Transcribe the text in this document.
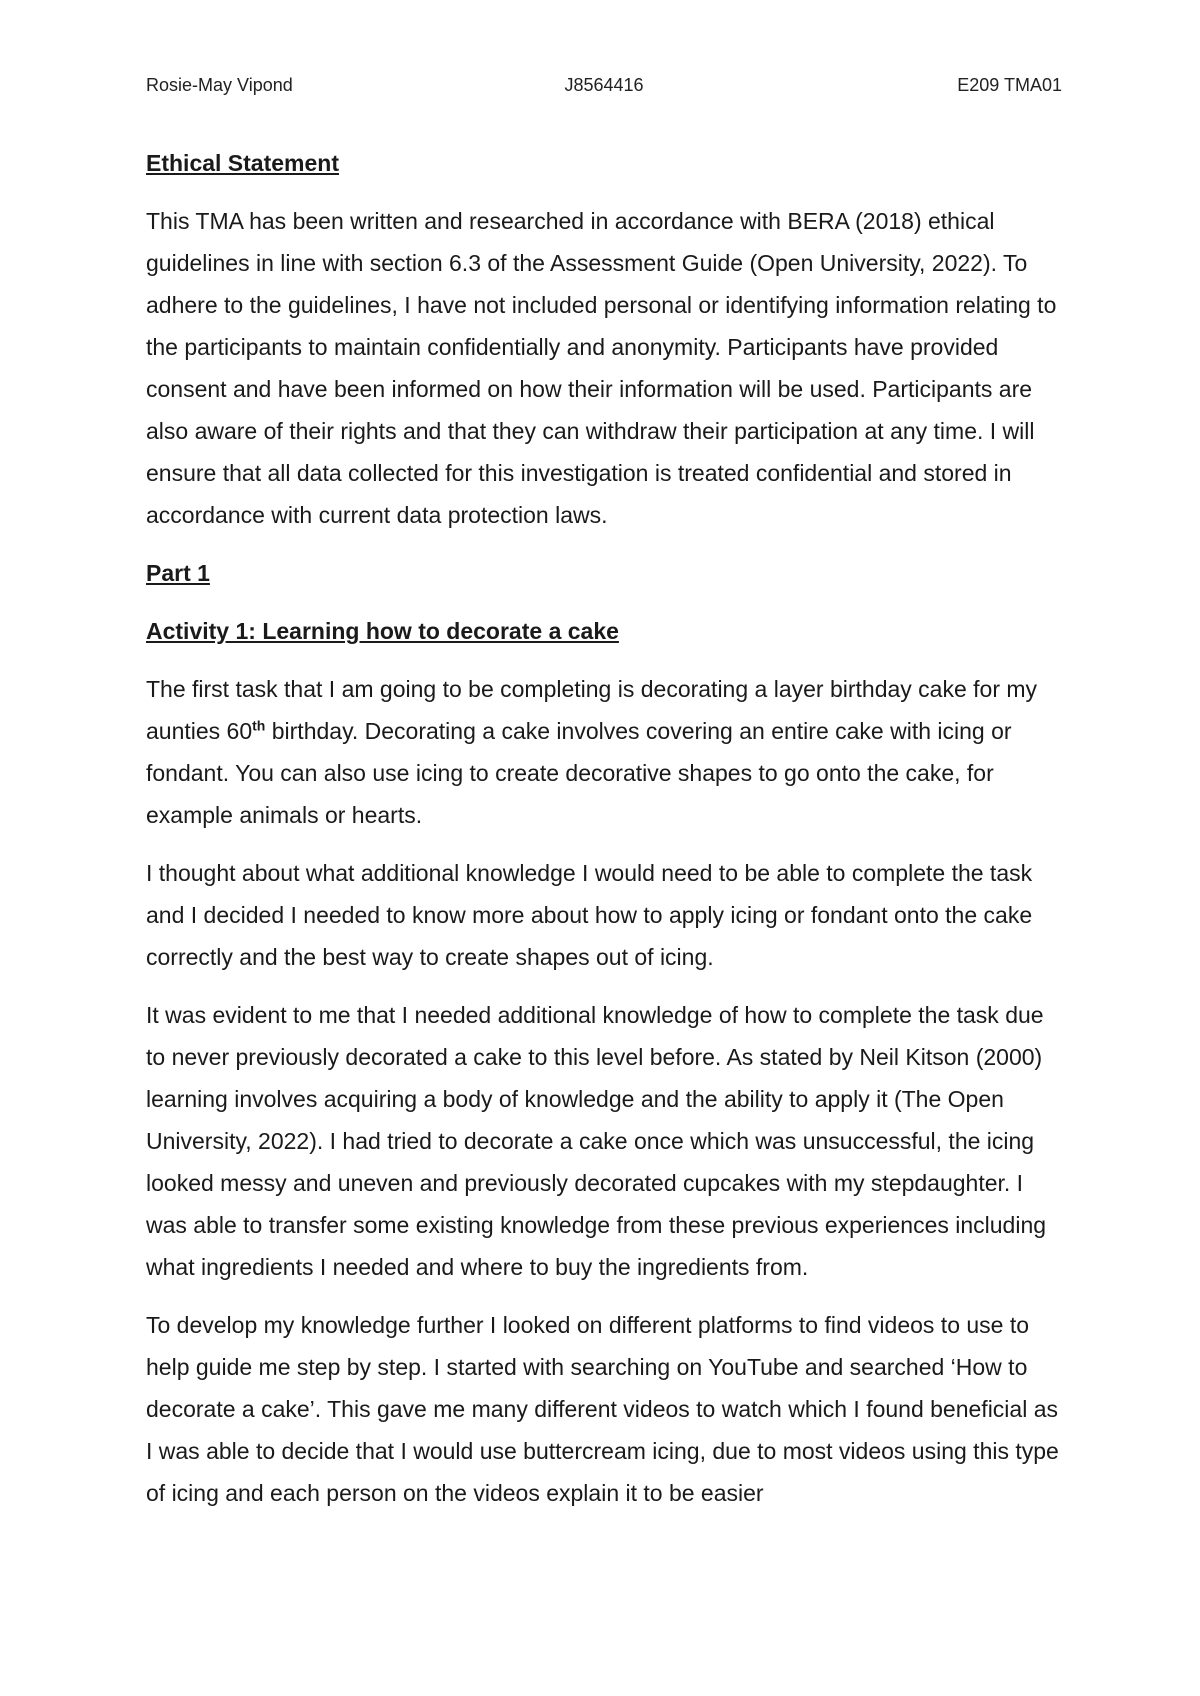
Rosie-May Vipond	J8564416	E209 TMA01
Ethical Statement

This TMA has been written and researched in accordance with BERA (2018) ethical guidelines in line with section 6.3 of the Assessment Guide (Open University, 2022). To adhere to the guidelines, I have not included personal or identifying information relating to the participants to maintain confidentially and anonymity. Participants have provided consent and have been informed on how their information will be used. Participants are also aware of their rights and that they can withdraw their participation at any time. I will ensure that all data collected for this investigation is treated confidential and stored in accordance with current data protection laws.

Part 1
Activity 1: Learning how to decorate a cake

The first task that I am going to be completing is decorating a layer birthday cake for my aunties 60th birthday. Decorating a cake involves covering an entire cake with icing or fondant. You can also use icing to create decorative shapes to go onto the cake, for example animals or hearts.

I thought about what additional knowledge I would need to be able to complete the task and I decided I needed to know more about how to apply icing or fondant onto the cake correctly and the best way to create shapes out of icing.

It was evident to me that I needed additional knowledge of how to complete the task due to never previously decorated a cake to this level before. As stated by Neil Kitson (2000) learning involves acquiring a body of knowledge and the ability to apply it (The Open University, 2022). I had tried to decorate a cake once which was unsuccessful, the icing looked messy and uneven and previously decorated cupcakes with my stepdaughter. I was able to transfer some existing knowledge from these previous experiences including what ingredients I needed and where to buy the ingredients from.

To develop my knowledge further I looked on different platforms to find videos to use to help guide me step by step. I started with searching on YouTube and searched ‘How to decorate a cake’. This gave me many different videos to watch which I found beneficial as I was able to decide that I would use buttercream icing, due to most videos using this type of icing and each person on the videos explain it to be easier
